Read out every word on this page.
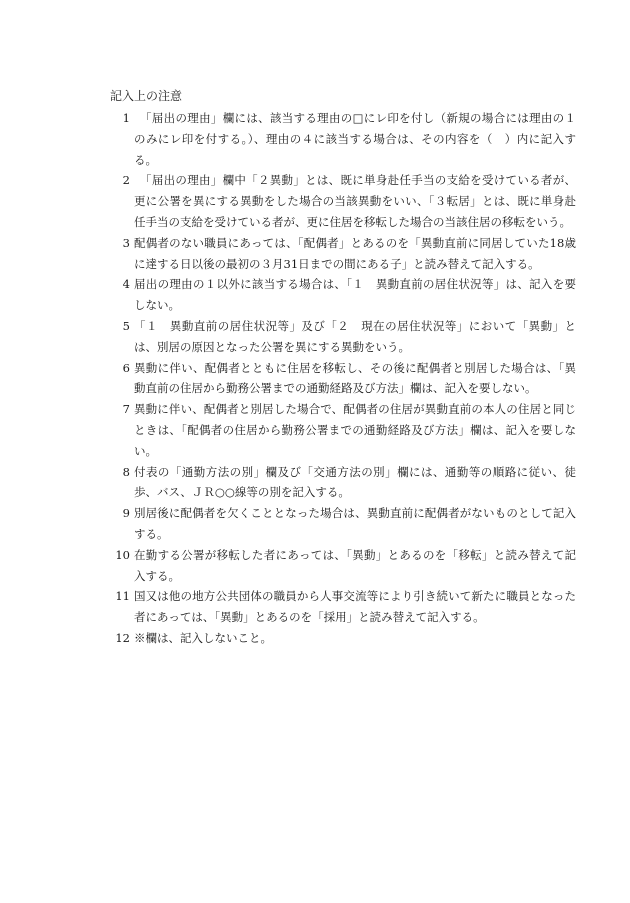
記入上の注意
1 　「届出の理由」欄には、該当する理由の□にレ印を付し（新規の場合には理由の１のみにレ印を付する。）、理由の４に該当する場合は、その内容を（　）内に記入する。
2 　「届出の理由」欄中「２異動」とは、既に単身赴任手当の支給を受けている者が、更に公署を異にする異動をした場合の当該異動をいい、「３転居」とは、既に単身赴任手当の支給を受けている者が、更に住居を移転した場合の当該住居の移転をいう。
3 配偶者のない職員にあっては、「配偶者」とあるのを「異動直前に同居していた18歳に達する日以後の最初の３月31日までの間にある子」と読み替えて記入する。
4 届出の理由の１以外に該当する場合は、「１　異動直前の居住状況等」は、記入を要しない。
5 「１　異動直前の居住状況等」及び「２　現在の居住状況等」において「異動」とは、別居の原因となった公署を異にする異動をいう。
6 異動に伴い、配偶者とともに住居を移転し、その後に配偶者と別居した場合は、「異動直前の住居から勤務公署までの通勤経路及び方法」欄は、記入を要しない。
7 異動に伴い、配偶者と別居した場合で、配偶者の住居が異動直前の本人の住居と同じときは、「配偶者の住居から勤務公署までの通勤経路及び方法」欄は、記入を要しない。
8 付表の「通勤方法の別」欄及び「交通方法の別」欄には、通勤等の順路に従い、徒歩、バス、ＪＲ○○線等の別を記入する。
9 別居後に配偶者を欠くこととなった場合は、異動直前に配偶者がないものとして記入する。
10 在勤する公署が移転した者にあっては、「異動」とあるのを「移転」と読み替えて記入する。
11 国又は他の地方公共団体の職員から人事交流等により引き続いて新たに職員となった者にあっては、「異動」とあるのを「採用」と読み替えて記入する。
12 ※欄は、記入しないこと。
